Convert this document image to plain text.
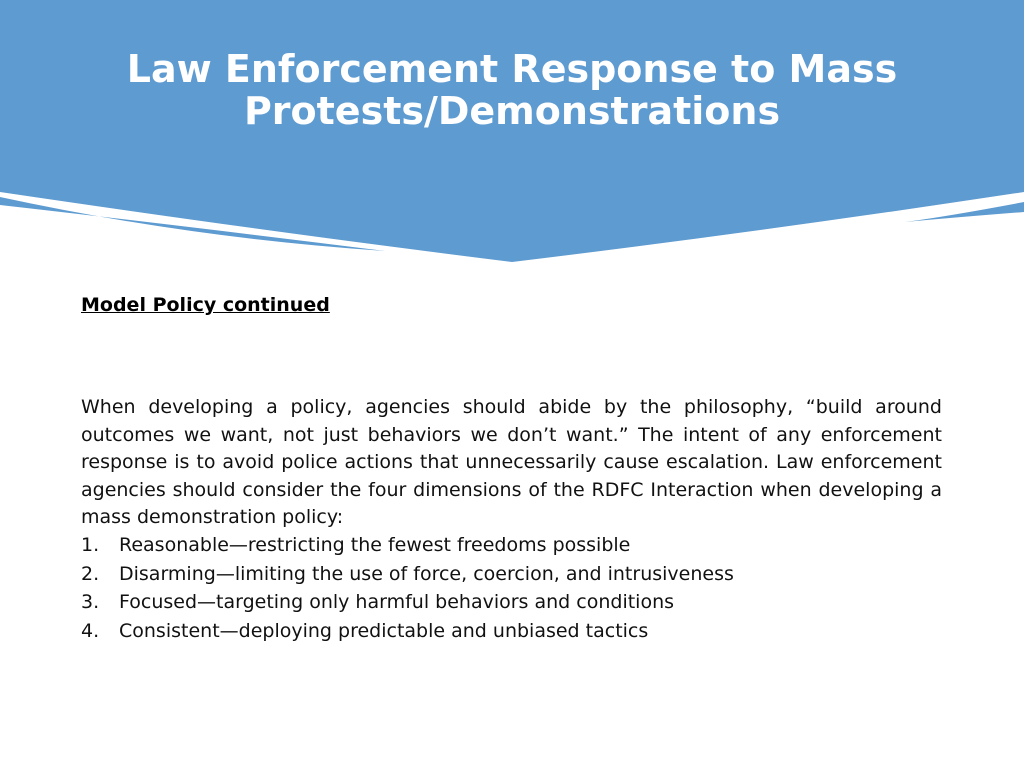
Law Enforcement Response to Mass Protests/Demonstrations

Model Policy continued

When developing a policy, agencies should abide by the philosophy, “build around outcomes we want, not just behaviors we don’t want.” The intent of any enforcement response is to avoid police actions that unnecessarily cause escalation. Law enforcement agencies should consider the four dimensions of the RDFC Interaction when developing a mass demonstration policy:

1. Reasonable—restricting the fewest freedoms possible
2. Disarming—limiting the use of force, coercion, and intrusiveness
3. Focused—targeting only harmful behaviors and conditions
4. Consistent—deploying predictable and unbiased tactics
